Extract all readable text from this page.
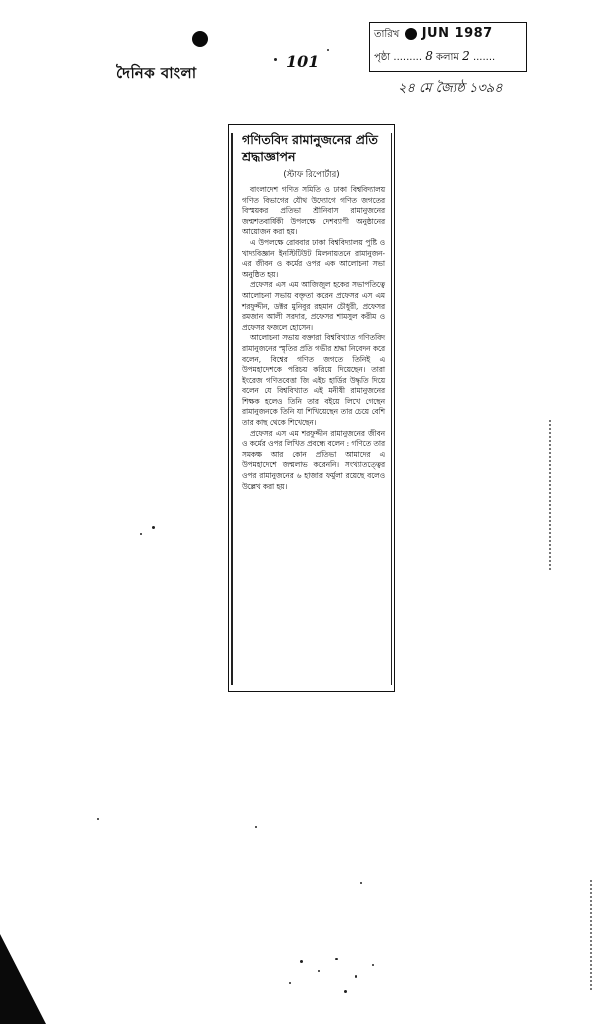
দৈনিক বাংলা
101
তারিখ JUN 1987
পৃষ্ঠা ......... 8 কলাম 2 .......
২৪ মে জ্যৈষ্ঠ ১৩৯৪
গণিতবিদ রামানুজনের প্রতি শ্রদ্ধাজ্ঞাপন
(স্টাফ রিপোর্টার)

বাংলাদেশ গণিত সমিতি ও ঢাকা বিশ্ববিদ্যালয় গণিত বিভাগের যৌথ উদ্যোগে গণিত জগতের বিস্ময়কর প্রতিভা শ্রীনিবাস রামানুজনের জন্মশতবার্ষিকী উপলক্ষে দেশব্যাপী অনুষ্ঠানের আয়োজন করা হয়।

এ উপলক্ষে রোববার ঢাকা বিশ্ববিদ্যালয় পুষ্টি ও খাদ্যবিজ্ঞান ইনস্টিটিউট মিলনায়তনে রামানুজন-এর জীবন ও কর্মের ওপর এক আলোচনা সভা অনুষ্ঠিত হয়।

প্রফেসর এস এম আজিজুল হকের সভাপতিত্বে আলোচনা সভায় বক্তৃতা করেন প্রফেসর এস এম শরফুদ্দীন, ডক্টর মুনিবুর রহমান চৌধুরী, প্রফেসর রমজান আলী সরদার, প্রফেসর শামসুল করীম ও প্রফেসর ফজলে হোসেন।

আলোচনা সভায় বক্তারা বিশ্ববিখ্যাত গণিতবিদ রামানুজনের স্মৃতির প্রতি গভীর শ্রদ্ধা নিবেদন করে বলেন, বিশ্বের গণিত জগতে তিনিই এ উপমহাদেশকে পরিচয় করিয়ে দিয়েছেন। তারা ইংরেজ গণিতবেত্তা জি এইচ হার্ডির উদ্ধৃতি দিয়ে বলেন যে বিশ্ববিখ্যাত এই মনীষী রামানুজনের শিক্ষক হলেও তিনি তার বইয়ে লিখে গেছেন রামানুজনকে তিনি যা শিখিয়েছেন তার চেয়ে বেশি তার কাছ থেকে শিখেছেন।

প্রফেসর এস এম শরফুদ্দীন রামানুজনের জীবন ও কর্মের ওপর লিখিত প্রবন্ধে বলেন : গণিতে তার সমকক্ষ আর কোন প্রতিভা আমাদের এ উপমহাদেশে জন্মলাভ করেননি। সংখ্যাতত্ত্বের ওপর রামানুজনের ৬ হাজার ফর্মুলা রয়েছে বলেও উল্লেখ করা হয়।
